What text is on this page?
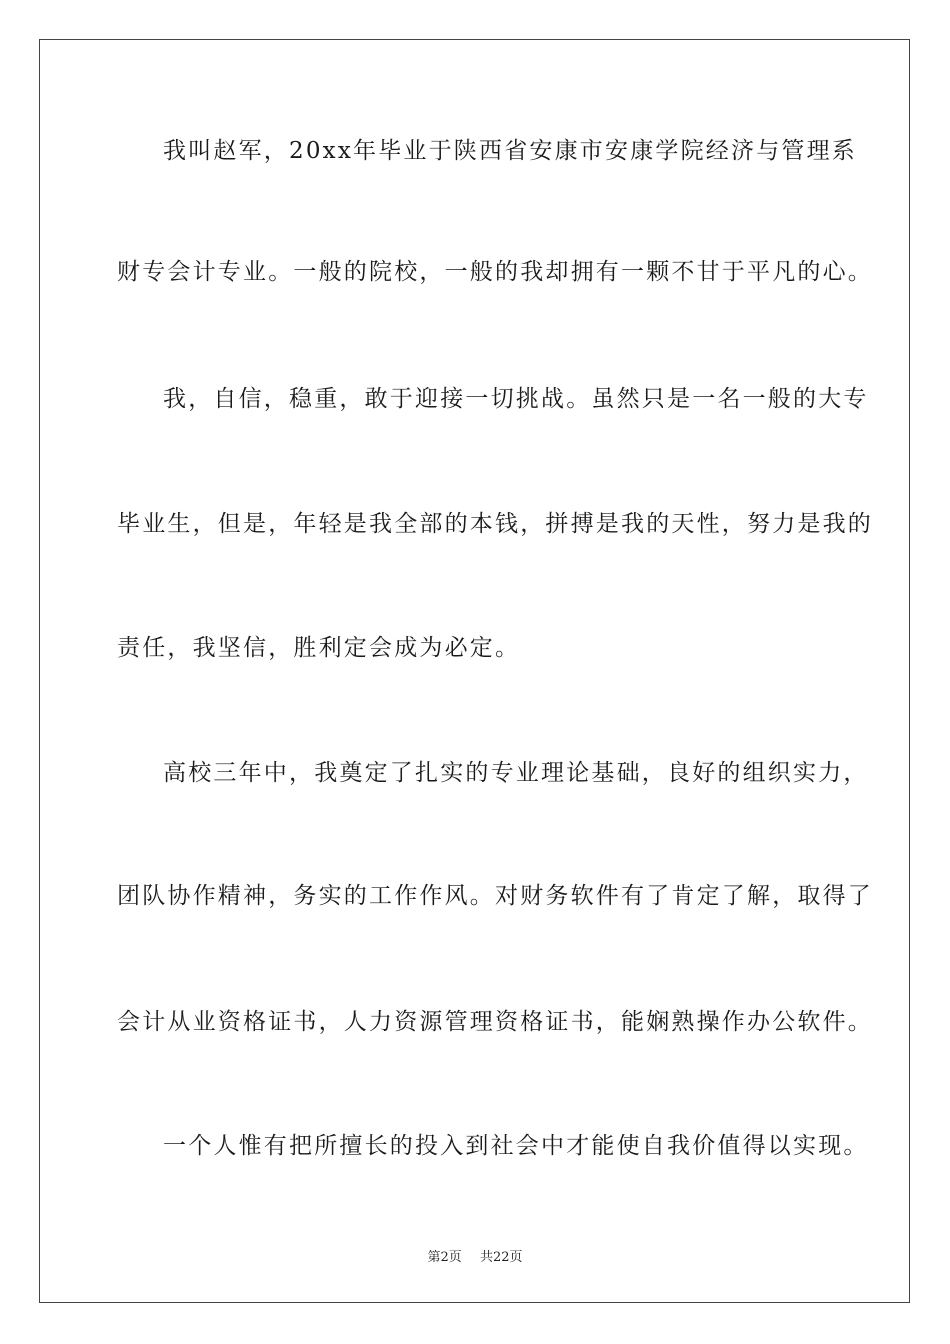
我叫赵军，20xx年毕业于陕西省安康市安康学院经济与管理系
财专会计专业。一般的院校，一般的我却拥有一颗不甘于平凡的心。
我，自信，稳重，敢于迎接一切挑战。虽然只是一名一般的大专
毕业生，但是，年轻是我全部的本钱，拼搏是我的天性，努力是我的
责任，我坚信，胜利定会成为必定。
高校三年中，我奠定了扎实的专业理论基础，良好的组织实力，
团队协作精神，务实的工作作风。对财务软件有了肯定了解，取得了
会计从业资格证书，人力资源管理资格证书，能娴熟操作办公软件。
一个人惟有把所擅长的投入到社会中才能使自我价值得以实现。
第2页 共22页
